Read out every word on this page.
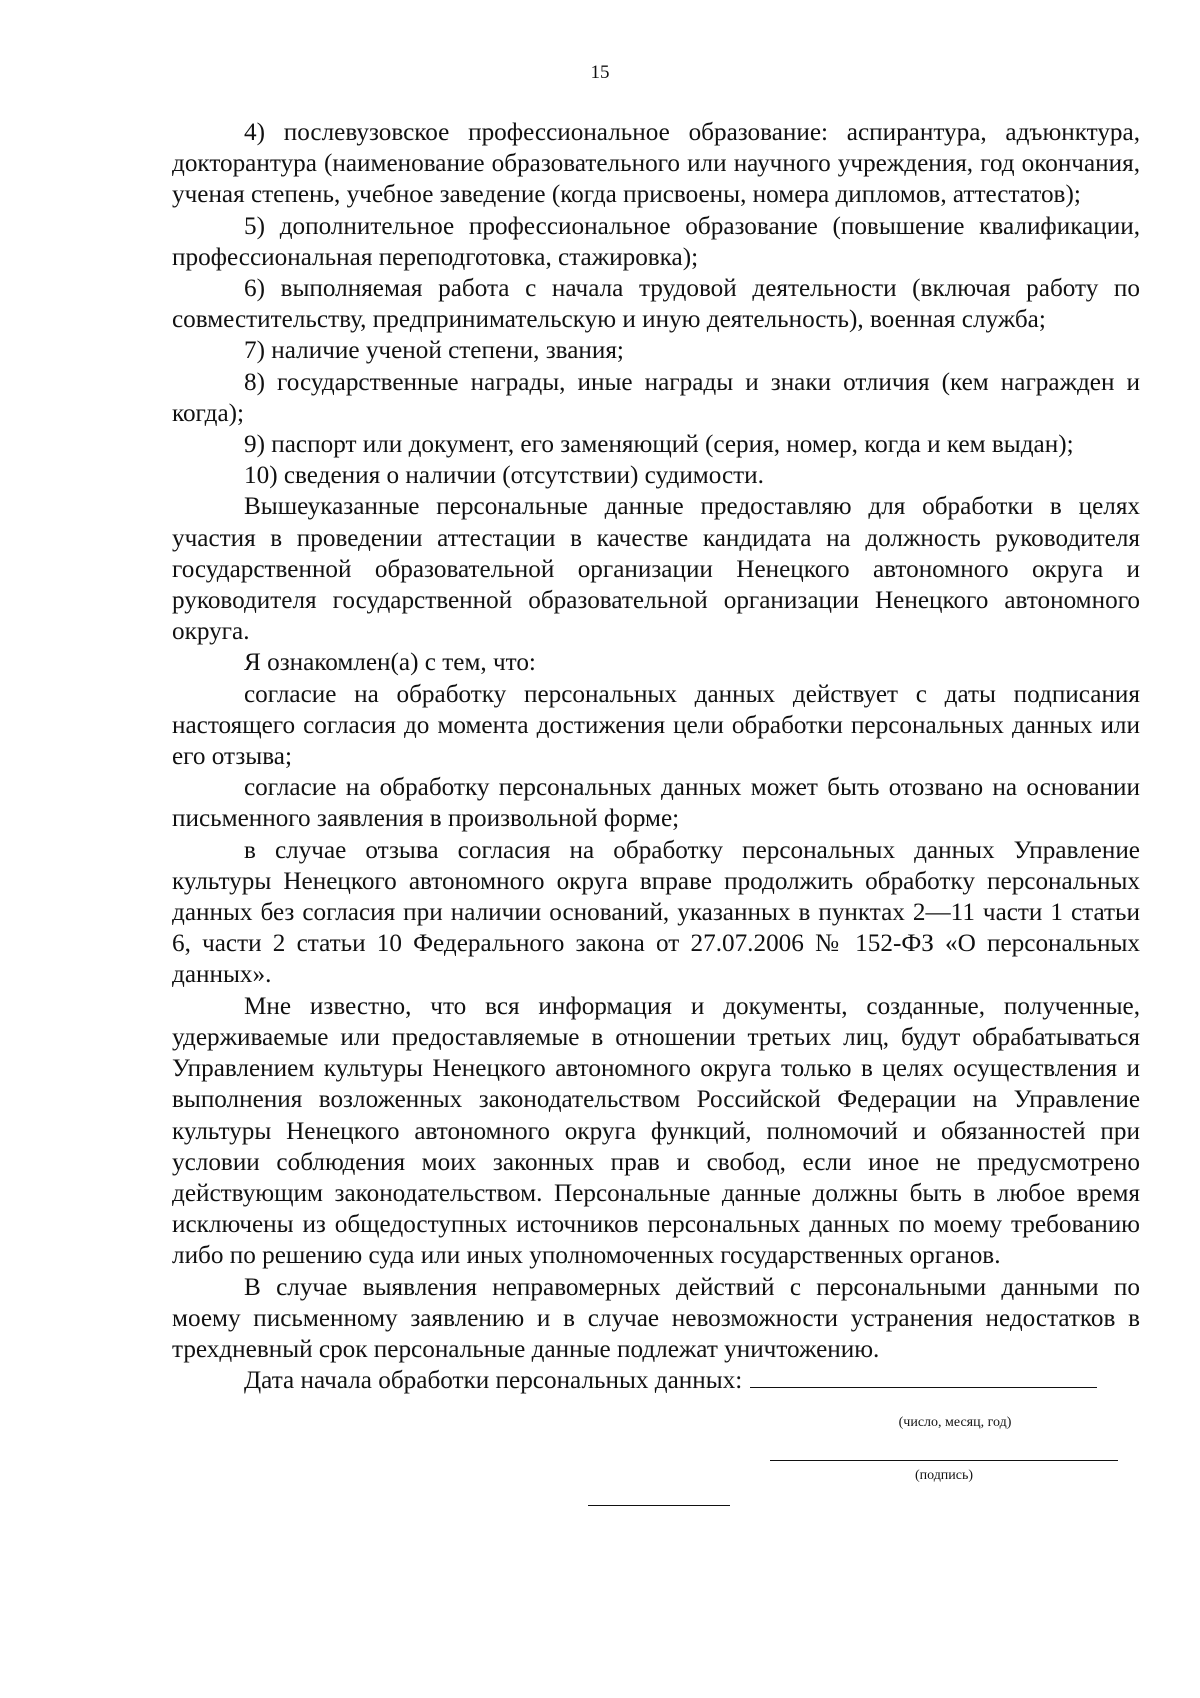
15

4) послевузовское профессиональное образование: аспирантура, адъюнктура, докторантура (наименование образовательного или научного учреждения, год окончания, ученая степень, учебное заведение (когда присвоены, номера дипломов, аттестатов);

5) дополнительное профессиональное образование (повышение квалификации, профессиональная переподготовка, стажировка);

6) выполняемая работа с начала трудовой деятельности (включая работу по совместительству, предпринимательскую и иную деятельность), военная служба;

7) наличие ученой степени, звания;

8) государственные награды, иные награды и знаки отличия (кем награжден и когда);

9) паспорт или документ, его заменяющий (серия, номер, когда и кем выдан);

10) сведения о наличии (отсутствии) судимости.

Вышеуказанные персональные данные предоставляю для обработки в целях участия в проведении аттестации в качестве кандидата на должность руководителя государственной образовательной организации Ненецкого автономного округа и руководителя государственной образовательной организации Ненецкого автономного округа.

Я ознакомлен(а) с тем, что:

согласие на обработку персональных данных действует с даты подписания настоящего согласия до момента достижения цели обработки персональных данных или его отзыва;

согласие на обработку персональных данных может быть отозвано на основании письменного заявления в произвольной форме;

в случае отзыва согласия на обработку персональных данных Управление культуры Ненецкого автономного округа вправе продолжить обработку персональных данных без согласия при наличии оснований, указанных в пунктах 2—11 части 1 статьи 6, части 2 статьи 10 Федерального закона от 27.07.2006 № 152-ФЗ «О персональных данных».

Мне известно, что вся информация и документы, созданные, полученные, удерживаемые или предоставляемые в отношении третьих лиц, будут обрабатываться Управлением культуры Ненецкого автономного округа только в целях осуществления и выполнения возложенных законодательством Российской Федерации на Управление культуры Ненецкого автономного округа функций, полномочий и обязанностей при условии соблюдения моих законных прав и свобод, если иное не предусмотрено действующим законодательством. Персональные данные должны быть в любое время исключены из общедоступных источников персональных данных по моему требованию либо по решению суда или иных уполномоченных государственных органов.

В случае выявления неправомерных действий с персональными данными по моему письменному заявлению и в случае невозможности устранения недостатков в трехдневный срок персональные данные подлежат уничтожению.

Дата начала обработки персональных данных:
(число, месяц, год)
(подпись)
